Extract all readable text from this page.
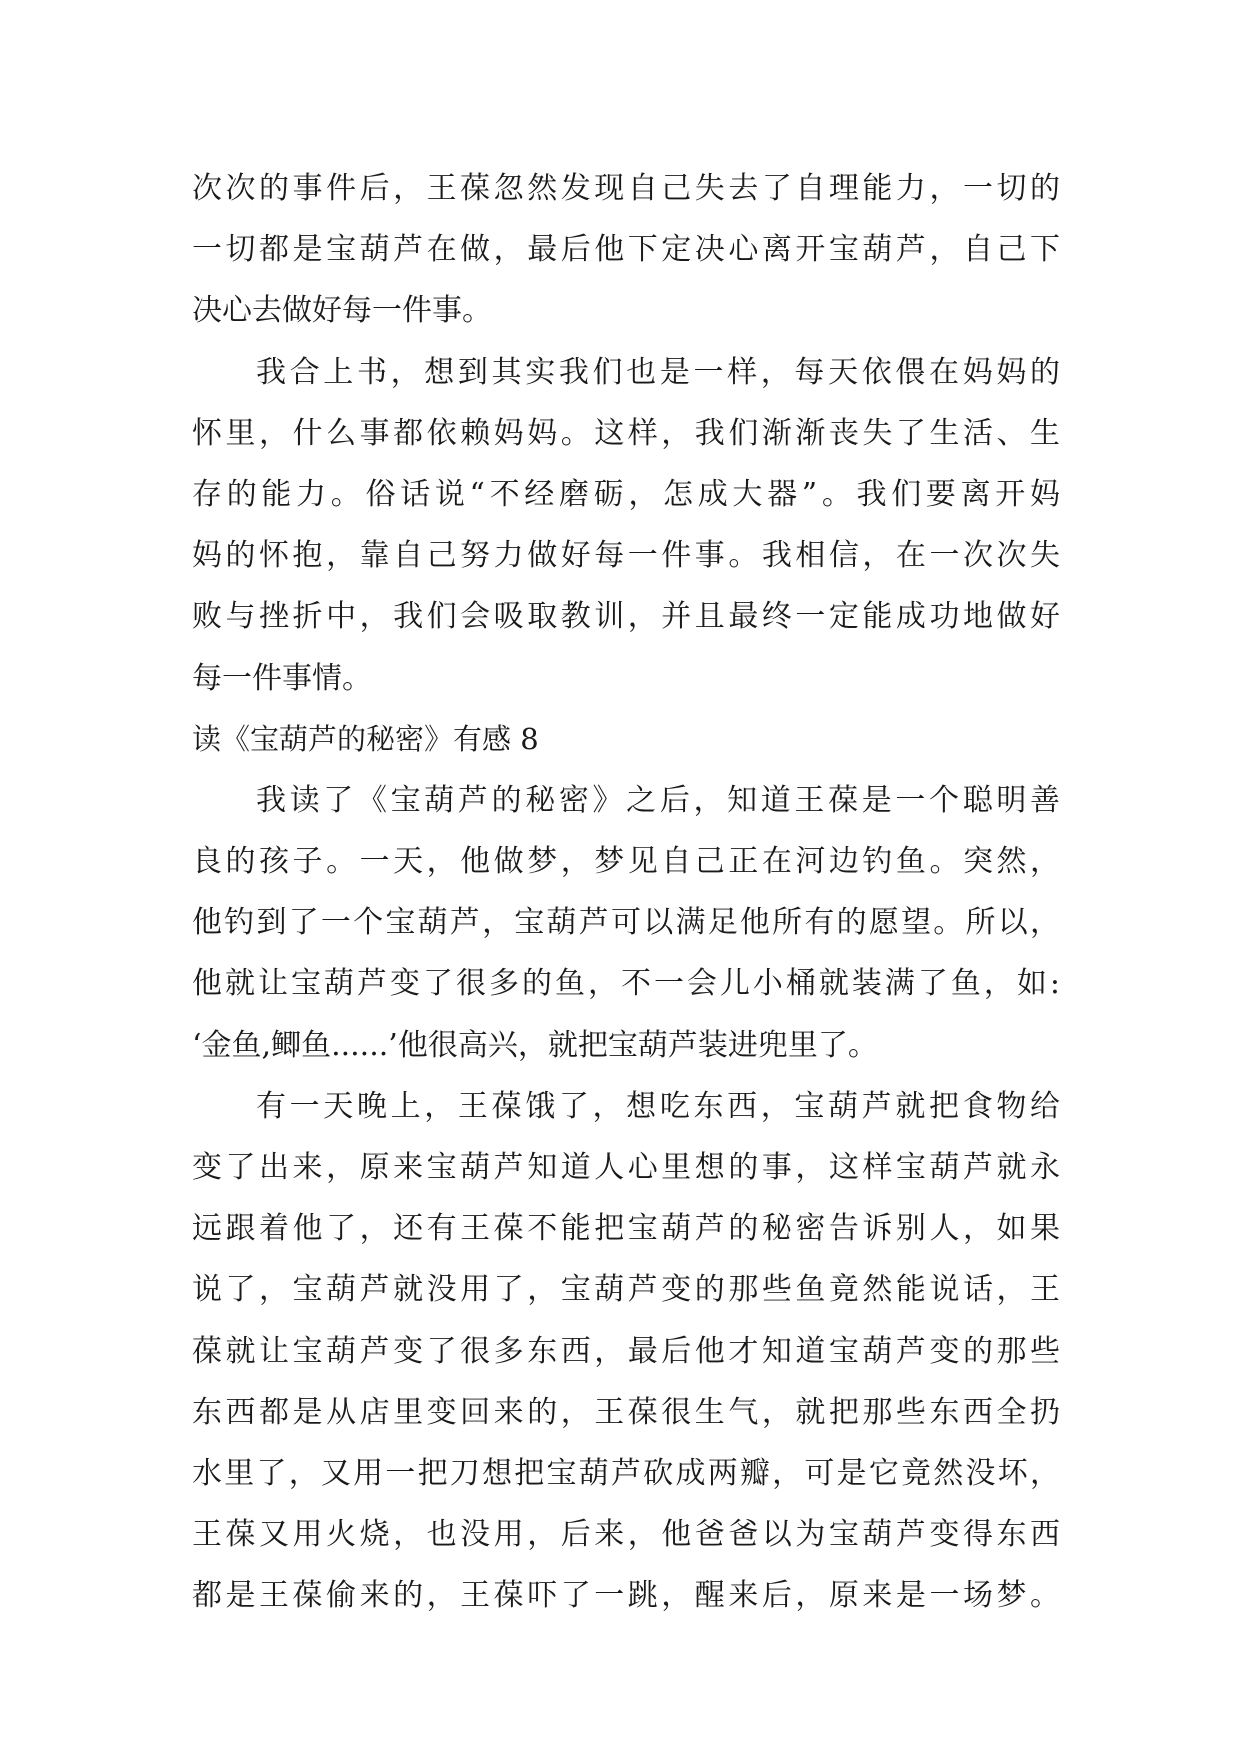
次次的事件后，王葆忽然发现自己失去了自理能力，一切的
一切都是宝葫芦在做，最后他下定决心离开宝葫芦，自己下
决心去做好每一件事。
我合上书，想到其实我们也是一样，每天依偎在妈妈的
怀里，什么事都依赖妈妈。这样，我们渐渐丧失了生活、生
存的能力。俗话说“不经磨砺，怎成大器”。我们要离开妈
妈的怀抱，靠自己努力做好每一件事。我相信，在一次次失
败与挫折中，我们会吸取教训，并且最终一定能成功地做好
每一件事情。
读《宝葫芦的秘密》有感 8
我读了《宝葫芦的秘密》之后，知道王葆是一个聪明善
良的孩子。一天，他做梦，梦见自己正在河边钓鱼。突然，
他钓到了一个宝葫芦，宝葫芦可以满足他所有的愿望。所以，
他就让宝葫芦变了很多的鱼，不一会儿小桶就装满了鱼，如:
‘金鱼,鲫鱼......’他很高兴，就把宝葫芦装进兜里了。
有一天晚上，王葆饿了，想吃东西，宝葫芦就把食物给
变了出来，原来宝葫芦知道人心里想的事，这样宝葫芦就永
远跟着他了，还有王葆不能把宝葫芦的秘密告诉别人，如果
说了，宝葫芦就没用了，宝葫芦变的那些鱼竟然能说话，王
葆就让宝葫芦变了很多东西，最后他才知道宝葫芦变的那些
东西都是从店里变回来的，王葆很生气，就把那些东西全扔
水里了，又用一把刀想把宝葫芦砍成两瓣，可是它竟然没坏，
王葆又用火烧，也没用，后来，他爸爸以为宝葫芦变得东西
都是王葆偷来的，王葆吓了一跳，醒来后，原来是一场梦。
